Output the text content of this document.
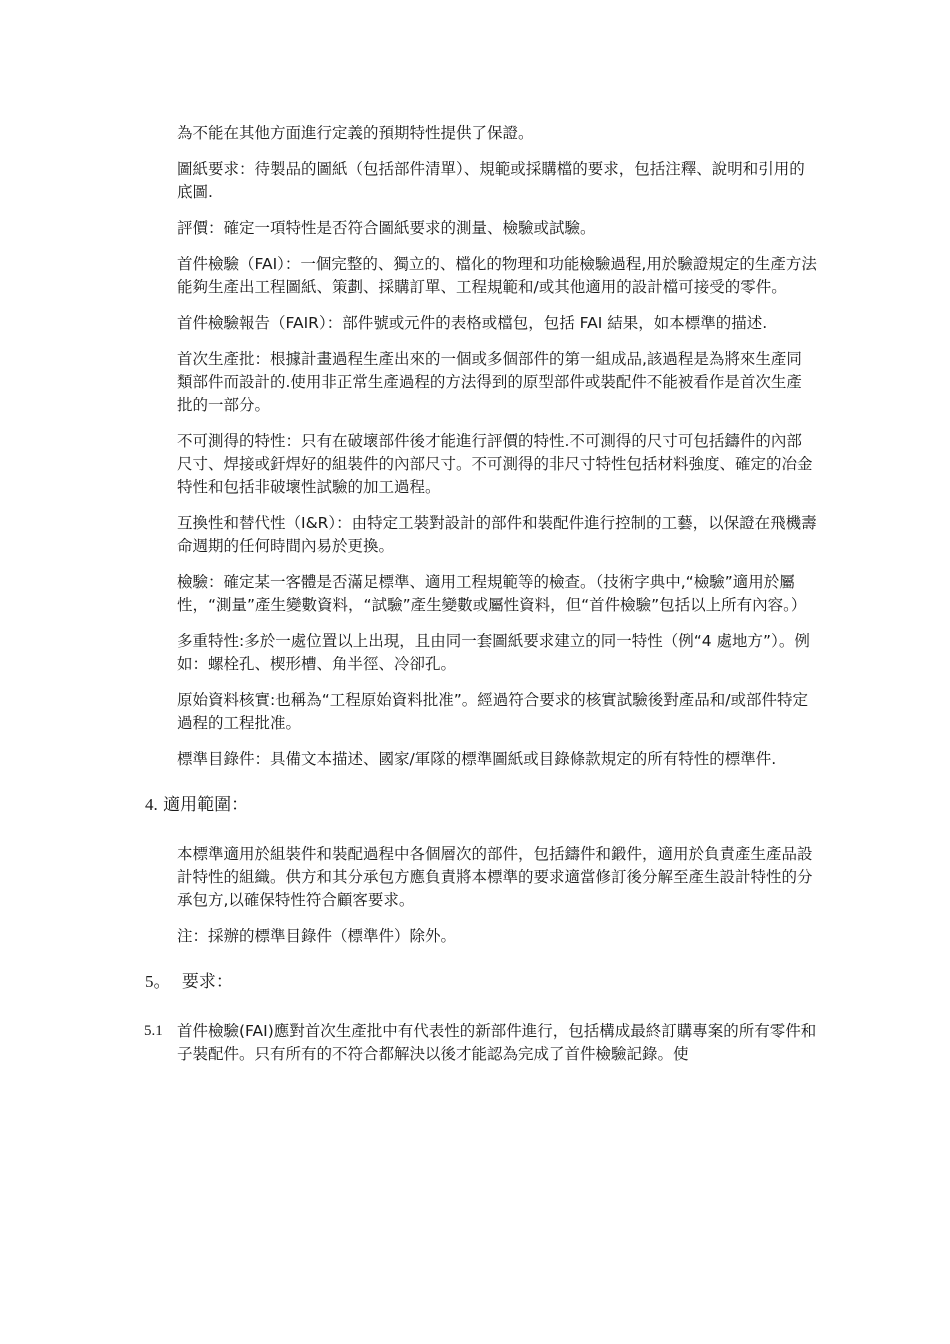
為不能在其他方面進行定義的預期特性提供了保證。

圖紙要求：待製品的圖紙（包括部件清單）、規範或採購檔的要求，包括注釋、說明和引用的底圖.

評價：確定一項特性是否符合圖紙要求的測量、檢驗或試驗。

首件檢驗（FAI）：一個完整的、獨立的、檔化的物理和功能檢驗過程,用於驗證規定的生產方法能夠生產出工程圖紙、策劃、採購訂單、工程規範和/或其他適用的設計檔可接受的零件。

首件檢驗報告（FAIR）：部件號或元件的表格或檔包，包括 FAI 結果，如本標準的描述.

首次生產批：根據計畫過程生產出來的一個或多個部件的第一組成品,該過程是為將來生產同類部件而設計的.使用非正常生產過程的方法得到的原型部件或裝配件不能被看作是首次生產批的一部分。

不可測得的特性：只有在破壞部件後才能進行評價的特性.不可測得的尺寸可包括鑄件的內部尺寸、焊接或釬焊好的組裝件的內部尺寸。不可測得的非尺寸特性包括材料強度、確定的冶金特性和包括非破壞性試驗的加工過程。

互換性和替代性（I&R）：由特定工裝對設計的部件和裝配件進行控制的工藝，以保證在飛機壽命週期的任何時間內易於更換。

檢驗：確定某一客體是否滿足標準、適用工程規範等的檢查。（技術字典中,“檢驗”適用於屬性，“測量”產生變數資料，“試驗”產生變數或屬性資料，但“首件檢驗”包括以上所有內容。）

多重特性:多於一處位置以上出現，且由同一套圖紙要求建立的同一特性（例“4 處地方”）。例如：螺栓孔、楔形槽、角半徑、冷卻孔。

原始資料核實:也稱為“工程原始資料批准”。經過符合要求的核實試驗後對產品和/或部件特定過程的工程批准。

標準目錄件：具備文本描述、國家/軍隊的標準圖紙或目錄條款規定的所有特性的標準件.

4. 適用範圍：

本標準適用於組裝件和裝配過程中各個層次的部件，包括鑄件和鍛件，適用於負責產生產品設計特性的組織。供方和其分承包方應負責將本標準的要求適當修訂後分解至產生設計特性的分承包方,以確保特性符合顧客要求。

注：採辦的標準目錄件（標準件）除外。

5。 要求：
5.1 首件檢驗(FAI)應對首次生產批中有代表性的新部件進行，包括構成最終訂購專案的所有零件和子裝配件。只有所有的不符合都解決以後才能認為完成了首件檢驗記錄。使
